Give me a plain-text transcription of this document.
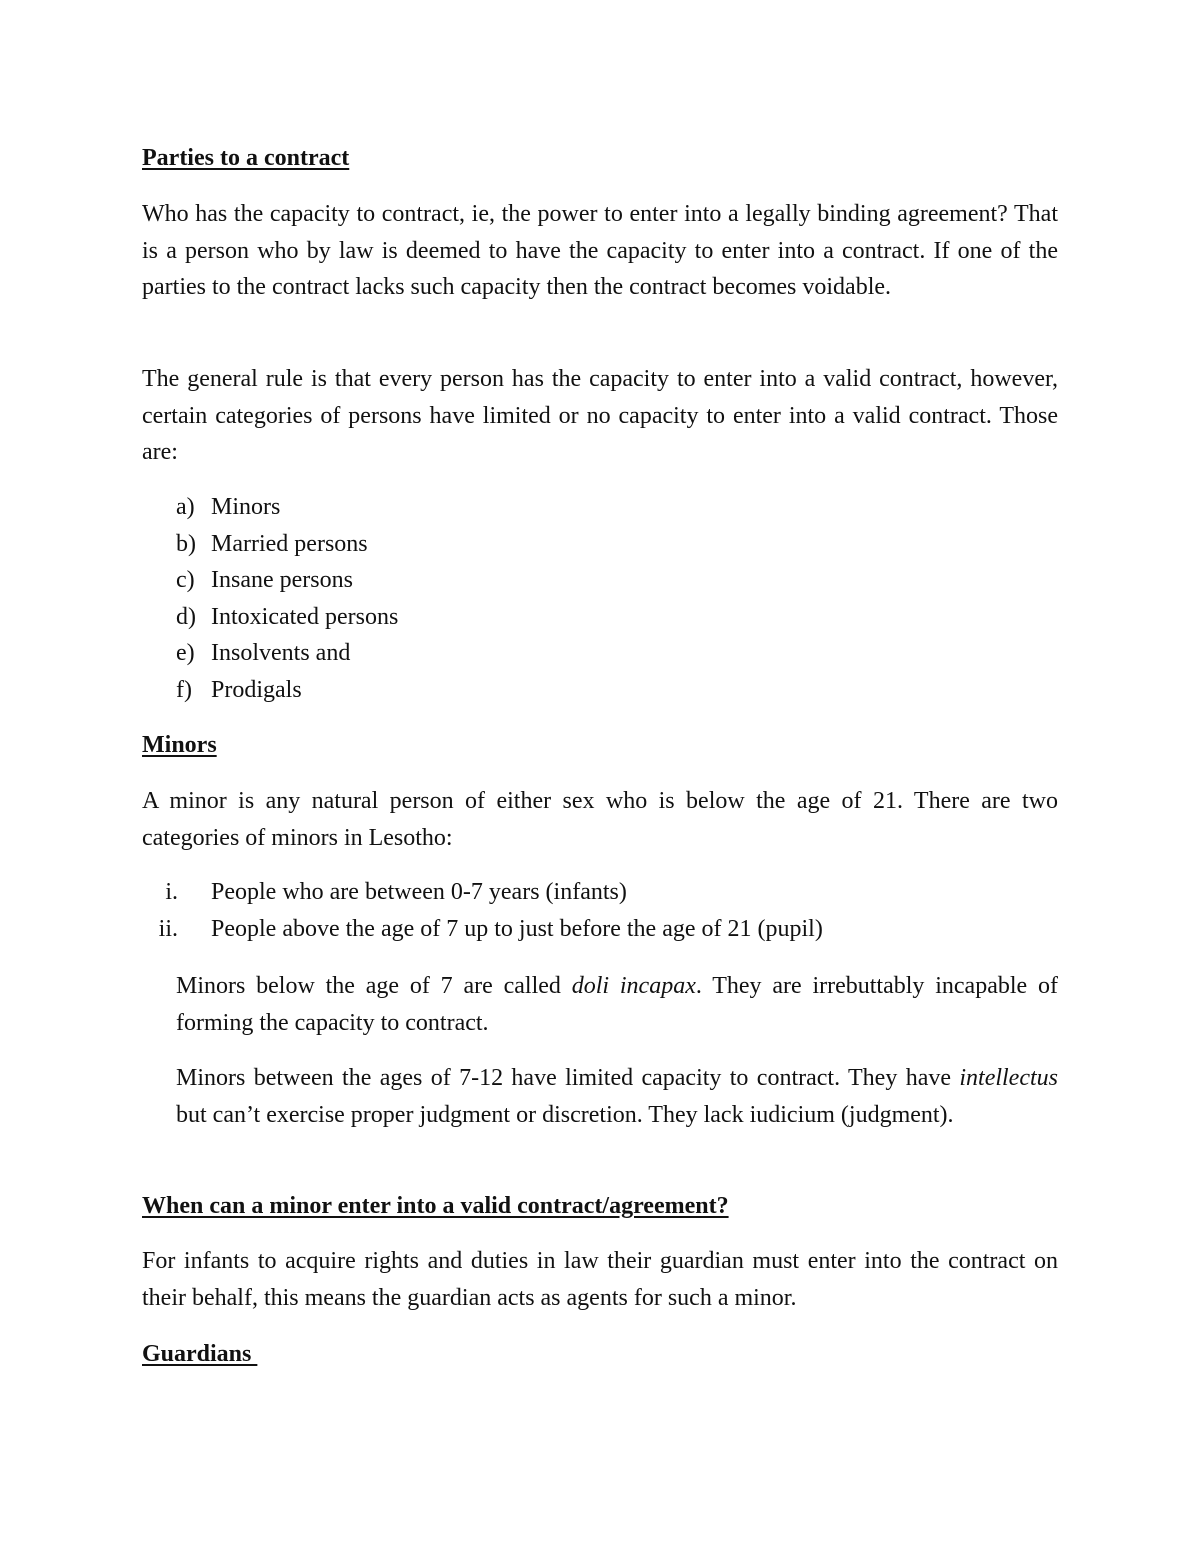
Parties to a contract

Who has the capacity to contract, ie, the power to enter into a legally binding agreement? That is a person who by law is deemed to have the capacity to enter into a contract. If one of the parties to the contract lacks such capacity then the contract becomes voidable.

The general rule is that every person has the capacity to enter into a valid contract, however, certain categories of persons have limited or no capacity to enter into a valid contract. Those are:

a) Minors
b) Married persons
c) Insane persons
d) Intoxicated persons
e) Insolvents and
f) Prodigals

Minors

A minor is any natural person of either sex who is below the age of 21. There are two categories of minors in Lesotho:

i. People who are between 0-7 years (infants)
ii. People above the age of 7 up to just before the age of 21 (pupil)

Minors below the age of 7 are called doli incapax. They are irrebuttably incapable of forming the capacity to contract.

Minors between the ages of 7-12 have limited capacity to contract. They have intellectus but can’t exercise proper judgment or discretion. They lack iudicium (judgment).

When can a minor enter into a valid contract/agreement?

For infants to acquire rights and duties in law their guardian must enter into the contract on their behalf, this means the guardian acts as agents for such a minor.

Guardians
